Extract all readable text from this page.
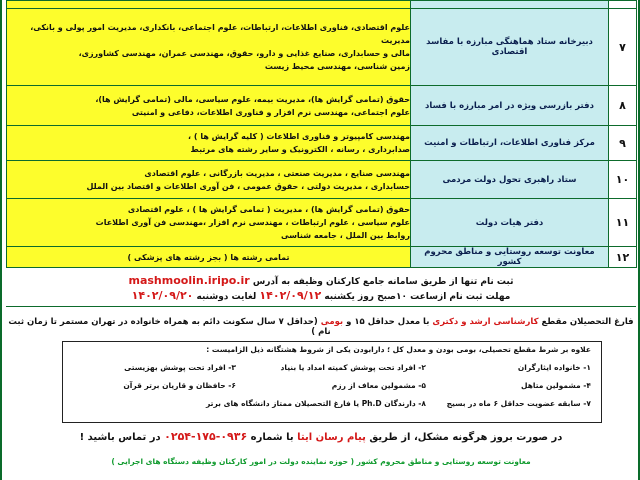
علوم اقتصادی، فناوری اطلاعات، ارتباطات، علوم اجتماعی، بانکداری، مدیریت امور پولی و بانکی، مدیریت
مالی و حسابداری، صنایع غذایی و دارو، حقوق، مهندسی عمران، مهندسی کشاورزی،
زمین شناسی، مهندسی محیط زیست	دبیرخانه ستاد هماهنگی مبارزه با مفاسد اقتصادی	۷

حقوق (تمامی گرایش ها)، مدیریت بیمه، علوم سیاسی، مالی (تمامی گرایش ها)،
علوم اجتماعی، مهندسی نرم افزار و فناوری اطلاعات، دفاعی و امنیتی	دفتر بازرسی ویژه در امر مبارزه با فساد	۸

مهندسی کامپیوتر و فناوری اطلاعات ( کلیه گرایش ها ) ،
صدابرداری ، رسانه ، الکترونیک و سایر رشته های مرتبط	مرکز فناوری اطلاعات، ارتباطات و امنیت	۹

مهندسی صنایع ، مدیریت صنعتی ، مدیریت بازرگانی ، علوم اقتصادی
حسابداری ، مدیریت دولتی ، حقوق عمومی ، فن آوری اطلاعات و اقتصاد بین الملل	ستاد راهبری تحول دولت مردمی	۱۰

حقوق (تمامی گرایش ها) ، مدیریت ( تمامی گرایش ها ) ، علوم اقتصادی
علوم سیاسی ، علوم ارتباطات ، مهندسی نرم افزار ،مهندسی فن آوری اطلاعات
روابط بین الملل ، جامعه شناسی	دفتر هیات دولت	۱۱

تمامی رشته ها ( بجز رشته های پزشکی )	معاونت توسعه روستایی و مناطق محروم کشور	۱۲
ثبت نام تنها از طریق سامانه جامع کارکنان وظیفه به آدرس mashmoolin.iripo.ir
مهلت ثبت نام ازساعت ۱۰صبح روز یکشنبه ۱۴۰۲/۰۹/۱۲ لغایت دوشنبه ۱۴۰۲/۰۹/۲۰
فارغ التحصیلان مقطع کارشناسی ارشد و دکتری با معدل حداقل ۱۵ و بومی (حداقل ۷ سال سکونت دائم به همراه خانواده در تهران مستمر تا زمان ثبت نام )
علاوه بر شرط مقطع تحصیلی، بومی بودن و معدل کل ؛ دارابودن یکی از شروط هشتگانه ذیل الزامیست :
۱- خانواده ایثارگران
۲- افراد تحت پوشش کمیته امداد یا بنیاد
۳- افراد تحت پوشش بهزیستی
۴- مشمولین متاهل
۵- مشمولین معاف از رزم
۶- حافظان و قاریان برتر قرآن
۷- سابقه عضویت حداقل ۶ ماه در بسیج
۸- دارندگان Ph.D یا فارغ التحصیلان ممتاز دانشگاه های برتر
در صورت بروز هرگونه مشکل، از طریق پیام رسان ایتا با شماره ۰۹۳۶-۱۷۵-۰۲۵۴ در تماس باشید !
معاونت توسعه روستایی و مناطق محروم کشور ( حوزه نماینده دولت در امور کارکنان وظیفه دستگاه های اجرایی )
